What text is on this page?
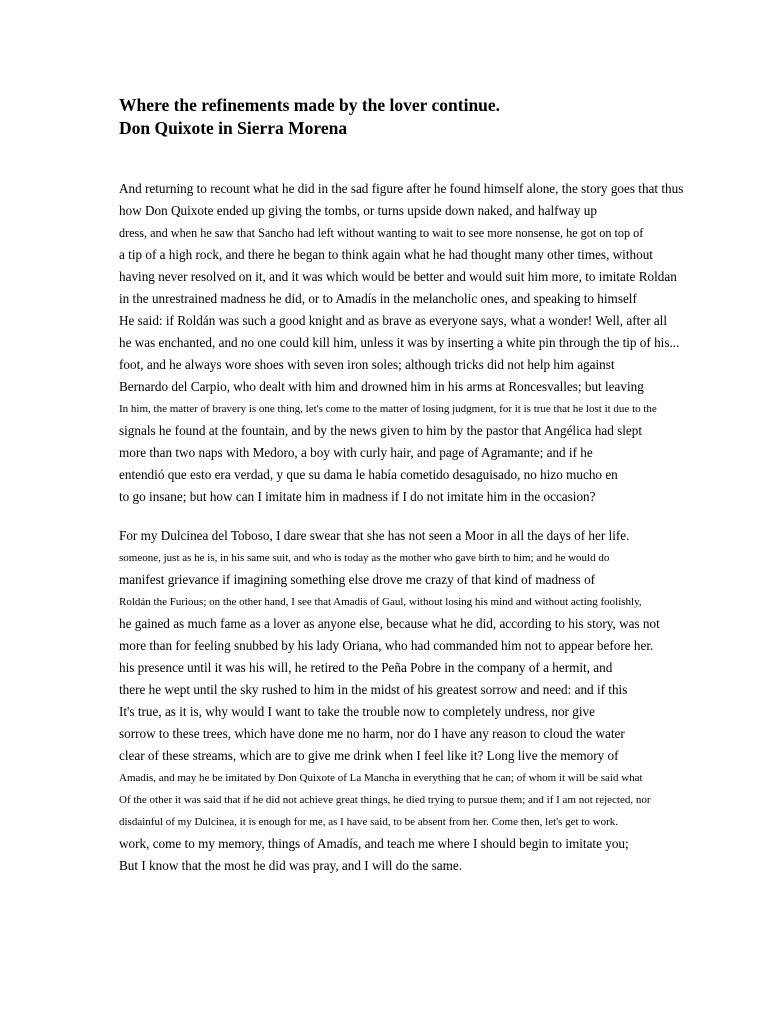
Where the refinements made by the lover continue.
Don Quixote in Sierra Morena

And returning to recount what he did in the sad figure after he found himself alone, the story goes that thus
how Don Quixote ended up giving the tombs, or turns upside down naked, and halfway up
dress, and when he saw that Sancho had left without wanting to wait to see more nonsense, he got on top of
a tip of a high rock, and there he began to think again what he had thought many other times, without
having never resolved on it, and it was which would be better and would suit him more, to imitate Roldan
in the unrestrained madness he did, or to Amadís in the melancholic ones, and speaking to himself
He said: if Roldán was such a good knight and as brave as everyone says, what a wonder! Well, after all
he was enchanted, and no one could kill him, unless it was by inserting a white pin through the tip of his...
foot, and he always wore shoes with seven iron soles; although tricks did not help him against
Bernardo del Carpio, who dealt with him and drowned him in his arms at Roncesvalles; but leaving
In him, the matter of bravery is one thing, let's come to the matter of losing judgment, for it is true that he lost it due to the
signals he found at the fountain, and by the news given to him by the pastor that Angélica had slept
more than two naps with Medoro, a boy with curly hair, and page of Agramante; and if he
entendió que esto era verdad, y que su dama le había cometido desaguisado, no hizo mucho en
to go insane; but how can I imitate him in madness if I do not imitate him in the occasion?

For my Dulcinea del Toboso, I dare swear that she has not seen a Moor in all the days of her life.
someone, just as he is, in his same suit, and who is today as the mother who gave birth to him; and he would do
manifest grievance if imagining something else drove me crazy of that kind of madness of
Roldán the Furious; on the other hand, I see that Amadis of Gaul, without losing his mind and without acting foolishly,
he gained as much fame as a lover as anyone else, because what he did, according to his story, was not
more than for feeling snubbed by his lady Oriana, who had commanded him not to appear before her.
his presence until it was his will, he retired to the Peña Pobre in the company of a hermit, and
there he wept until the sky rushed to him in the midst of his greatest sorrow and need: and if this
It's true, as it is, why would I want to take the trouble now to completely undress, nor give
sorrow to these trees, which have done me no harm, nor do I have any reason to cloud the water
clear of these streams, which are to give me drink when I feel like it? Long live the memory of
Amadis, and may he be imitated by Don Quixote of La Mancha in everything that he can; of whom it will be said what
Of the other it was said that if he did not achieve great things, he died trying to pursue them; and if I am not rejected, nor
disdainful of my Dulcinea, it is enough for me, as I have said, to be absent from her. Come then, let's get to work.
work, come to my memory, things of Amadís, and teach me where I should begin to imitate you;
But I know that the most he did was pray, and I will do the same.
